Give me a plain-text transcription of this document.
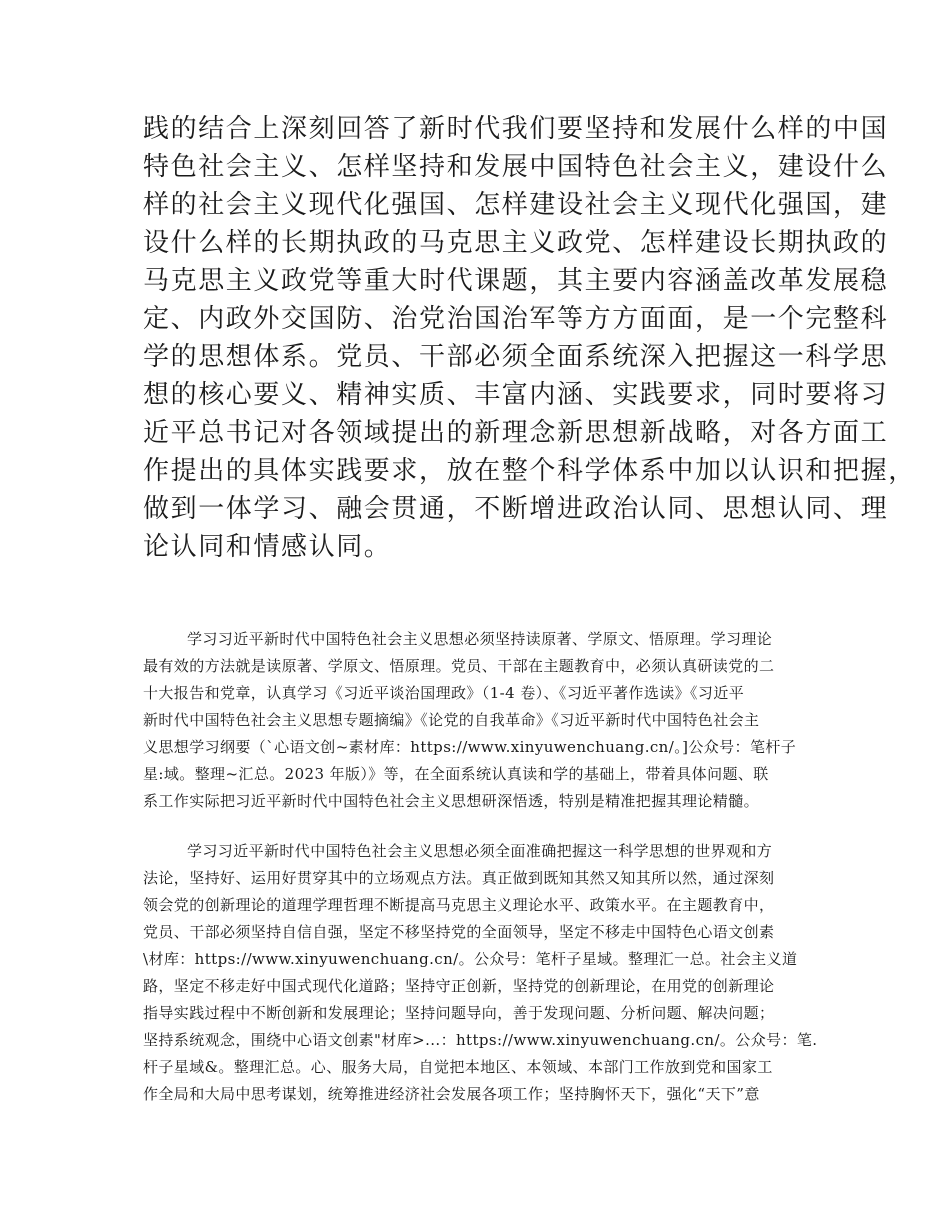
践的结合上深刻回答了新时代我们要坚持和发展什么样的中国

特色社会主义、怎样坚持和发展中国特色社会主义，建设什么

样的社会主义现代化强国、怎样建设社会主义现代化强国，建

设什么样的长期执政的马克思主义政党、怎样建设长期执政的

马克思主义政党等重大时代课题，其主要内容涵盖改革发展稳

定、内政外交国防、治党治国治军等方方面面，是一个完整科

学的思想体系。党员、干部必须全面系统深入把握这一科学思

想的核心要义、精神实质、丰富内涵、实践要求，同时要将习

近平总书记对各领域提出的新理念新思想新战略，对各方面工

作提出的具体实践要求，放在整个科学体系中加以认识和把握，

做到一体学习、融会贯通，不断增进政治认同、思想认同、理

论认同和情感认同。

学习习近平新时代中国特色社会主义思想必须坚持读原著、学原文、悟原理。学习理论

最有效的方法就是读原著、学原文、悟原理。党员、干部在主题教育中，必须认真研读党的二

十大报告和党章，认真学习《习近平谈治国理政》（1-4 卷）、《习近平著作选读》《习近平

新时代中国特色社会主义思想专题摘编》《论党的自我革命》《习近平新时代中国特色社会主

义思想学习纲要（`心语文创~素材库：https://www.xinyuwenchuang.cn/。]公众号：笔杆子

星:域。整理~汇总。2023 年版）》等，在全面系统认真读和学的基础上，带着具体问题、联

系工作实际把习近平新时代中国特色社会主义思想研深悟透，特别是精准把握其理论精髓。

学习习近平新时代中国特色社会主义思想必须全面准确把握这一科学思想的世界观和方

法论，坚持好、运用好贯穿其中的立场观点方法。真正做到既知其然又知其所以然，通过深刻

领会党的创新理论的道理学理哲理不断提高马克思主义理论水平、政策水平。在主题教育中，

党员、干部必须坚持自信自强，坚定不移坚持党的全面领导，坚定不移走中国特色心语文创素

\材库：https://www.xinyuwenchuang.cn/。公众号：笔杆子星域。整理汇一总。社会主义道

路，坚定不移走好中国式现代化道路；坚持守正创新，坚持党的创新理论，在用党的创新理论

指导实践过程中不断创新和发展理论；坚持问题导向，善于发现问题、分析问题、解决问题；

坚持系统观念，围绕中心语文创素"材库>...：https://www.xinyuwenchuang.cn/。公众号：笔.

杆子星域&。整理汇总。心、服务大局，自觉把本地区、本领域、本部门工作放到党和国家工

作全局和大局中思考谋划，统筹推进经济社会发展各项工作；坚持胸怀天下，强化“天下”意
